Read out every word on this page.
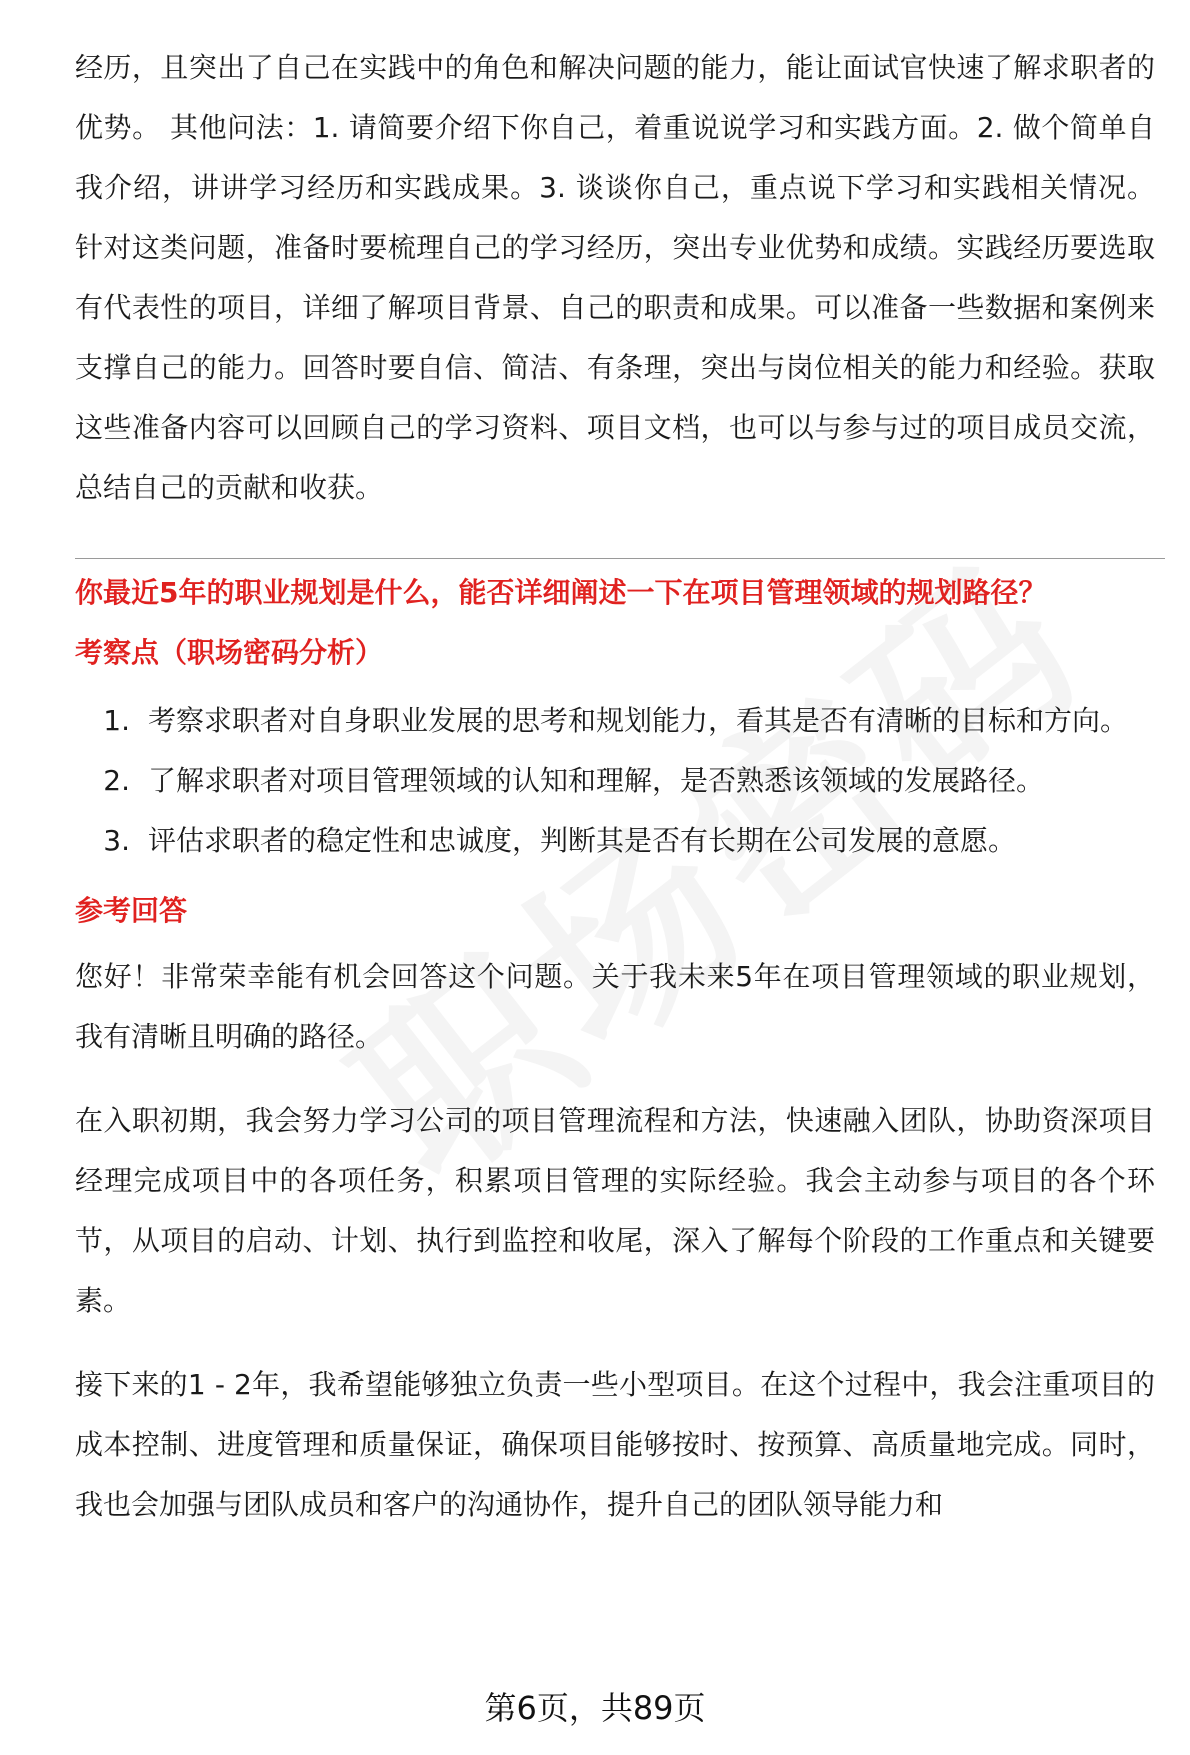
经历，且突出了自己在实践中的角色和解决问题的能力，能让面试官快速了解求职者的优势。 其他问法：1. 请简要介绍下你自己，着重说说学习和实践方面。2. 做个简单自我介绍，讲讲学习经历和实践成果。3. 谈谈你自己，重点说下学习和实践相关情况。 针对这类问题，准备时要梳理自己的学习经历，突出专业优势和成绩。实践经历要选取有代表性的项目，详细了解项目背景、自己的职责和成果。可以准备一些数据和案例来支撑自己的能力。回答时要自信、简洁、有条理，突出与岗位相关的能力和经验。获取这些准备内容可以回顾自己的学习资料、项目文档，也可以与参与过的项目成员交流，总结自己的贡献和收获。

你最近5年的职业规划是什么，能否详细阐述一下在项目管理领域的规划路径？

考察点（职场密码分析）

1. 考察求职者对自身职业发展的思考和规划能力，看其是否有清晰的目标和方向。
2. 了解求职者对项目管理领域的认知和理解，是否熟悉该领域的发展路径。
3. 评估求职者的稳定性和忠诚度，判断其是否有长期在公司发展的意愿。

参考回答

您好！非常荣幸能有机会回答这个问题。关于我未来5年在项目管理领域的职业规划，我有清晰且明确的路径。

在入职初期，我会努力学习公司的项目管理流程和方法，快速融入团队，协助资深项目经理完成项目中的各项任务，积累项目管理的实际经验。我会主动参与项目的各个环节，从项目的启动、计划、执行到监控和收尾，深入了解每个阶段的工作重点和关键要素。

接下来的1 - 2年，我希望能够独立负责一些小型项目。在这个过程中，我会注重项目的成本控制、进度管理和质量保证，确保项目能够按时、按预算、高质量地完成。同时，我也会加强与团队成员和客户的沟通协作，提升自己的团队领导能力和

第6页，共89页
